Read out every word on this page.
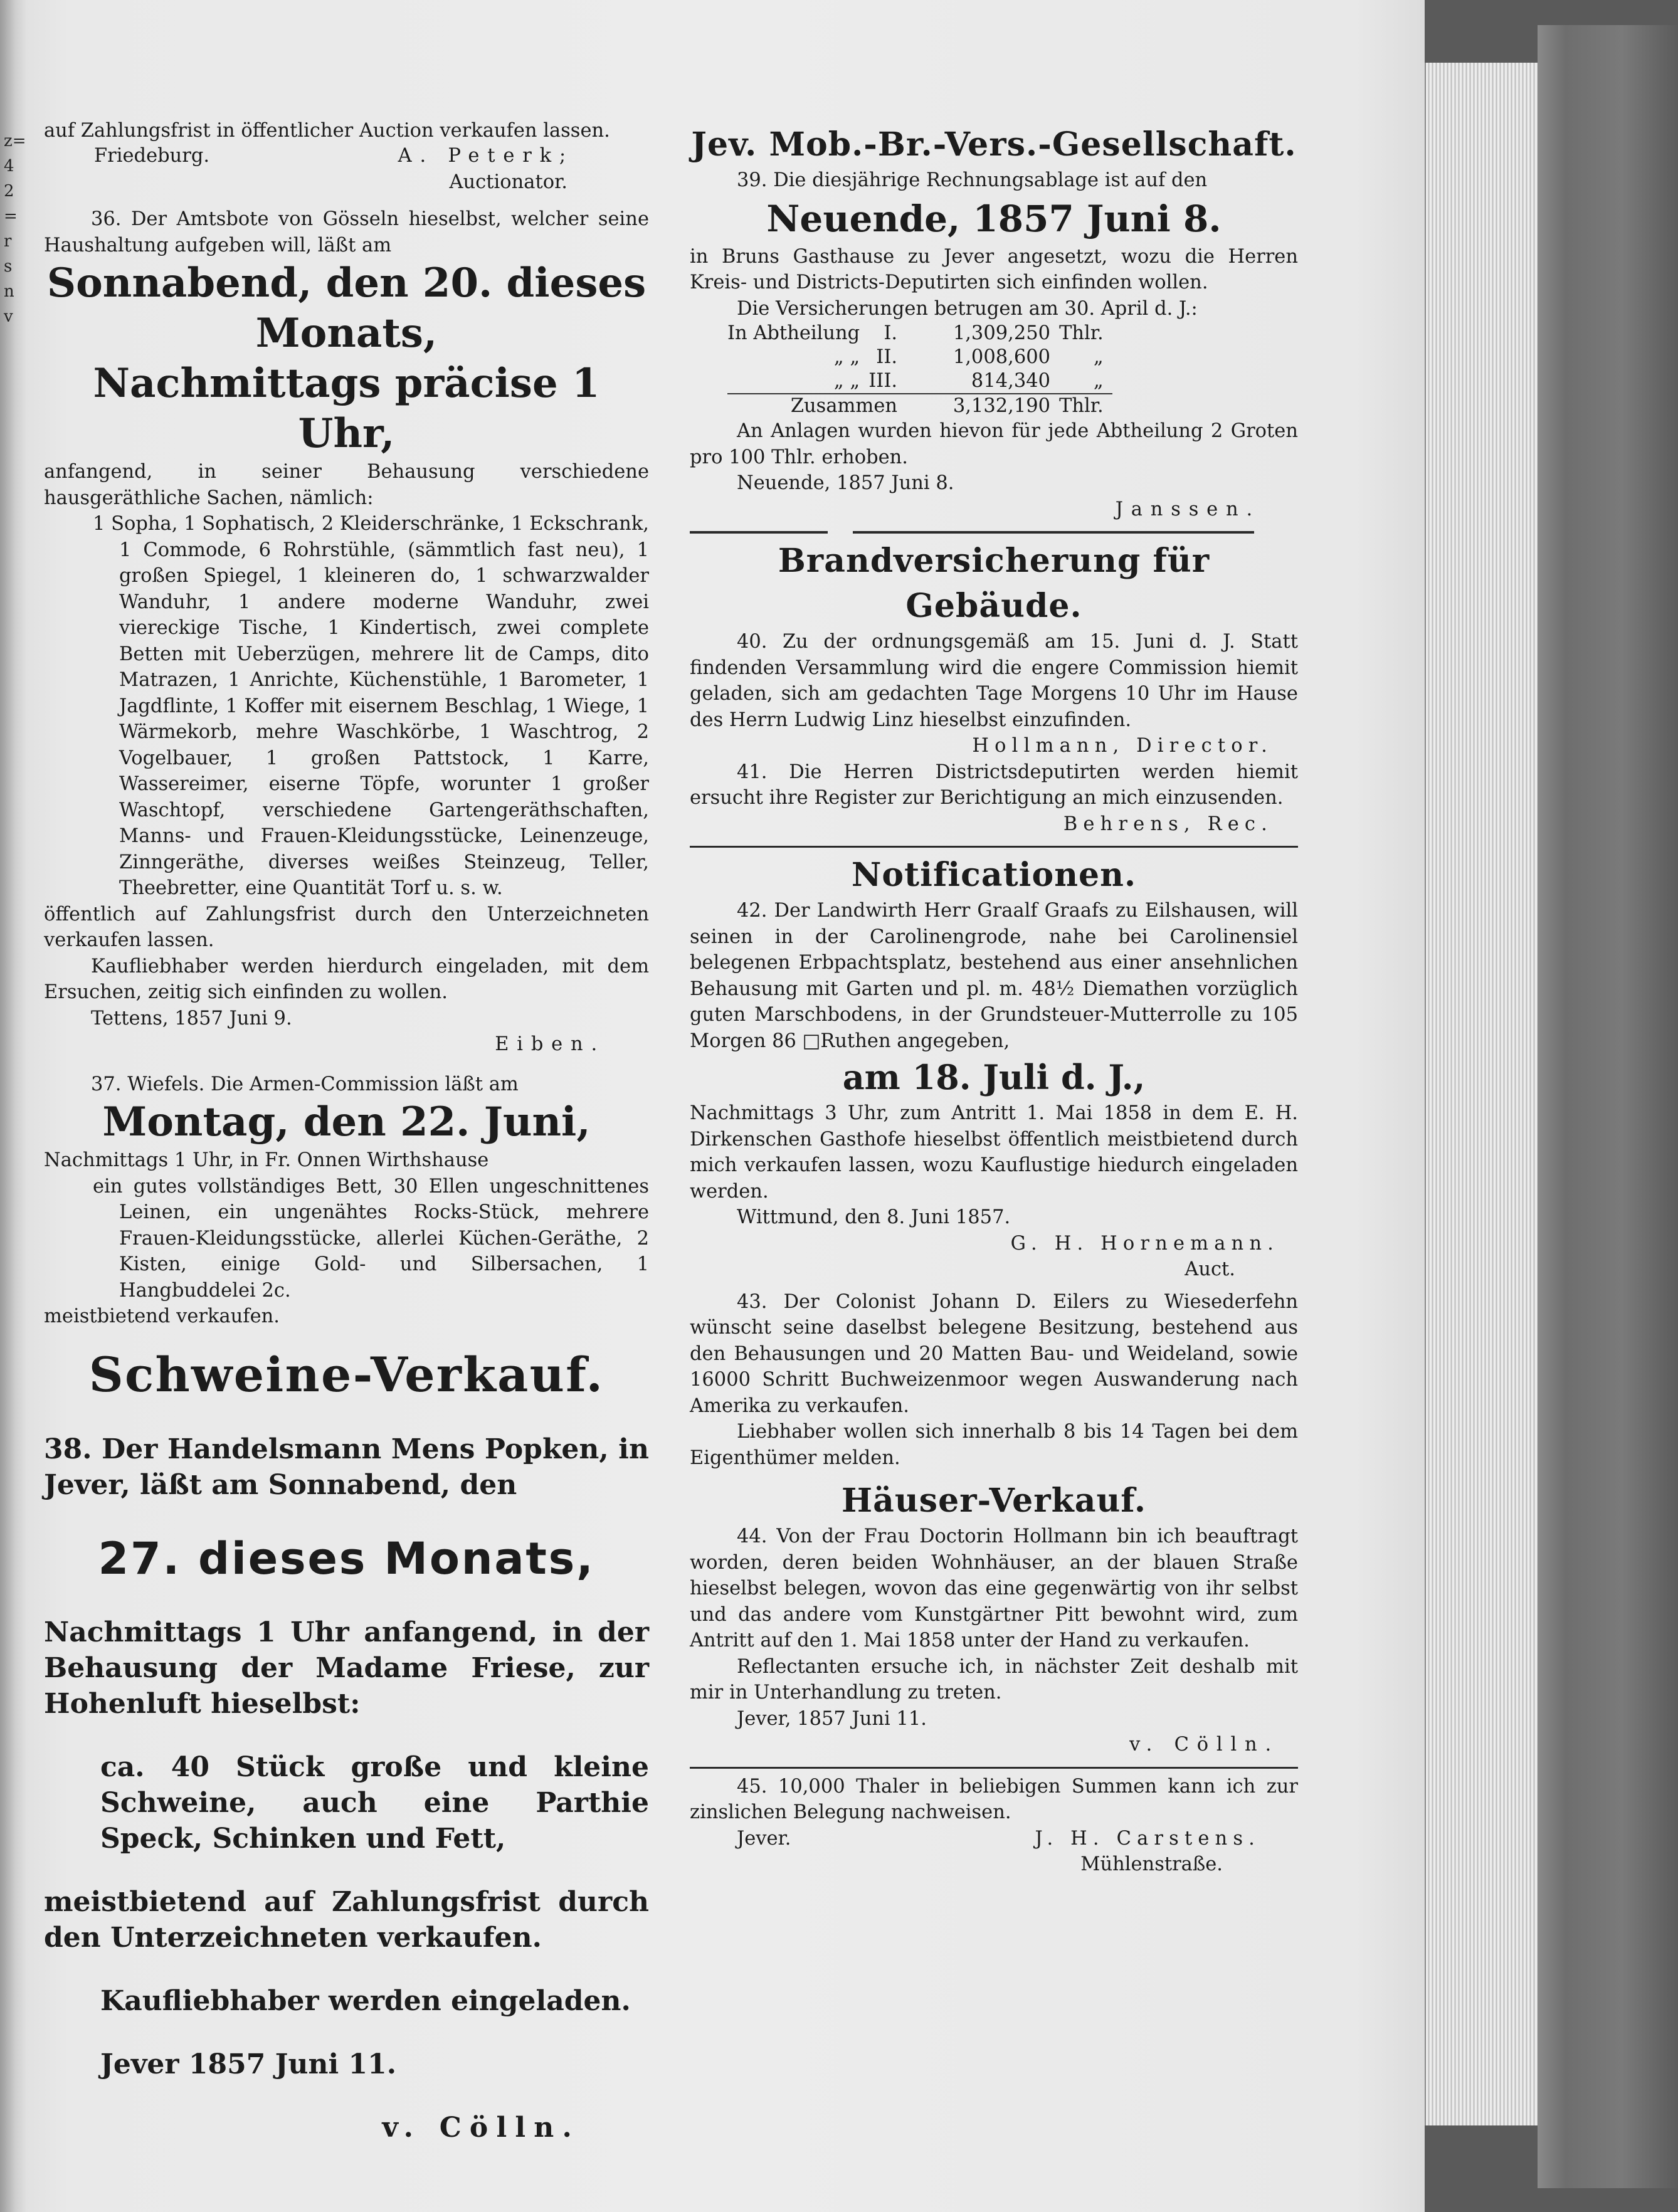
z=
4
2
=
r
s
n
v

auf Zahlungsfrist in öffentlicher Auction verkaufen lassen.

Friedeburg.	A. Peterk;
Auctionator.

36. Der Amtsbote von Gösseln hieselbst, welcher seine Haushaltung aufgeben will, läßt am

Sonnabend, den 20. dieses Monats,
Nachmittags präcise 1 Uhr,

anfangend, in seiner Behausung verschiedene hausgeräthliche Sachen, nämlich:

1 Sopha, 1 Sophatisch, 2 Kleiderschränke, 1 Eckschrank, 1 Commode, 6 Rohrstühle, (sämmtlich fast neu), 1 großen Spiegel, 1 kleineren do, 1 schwarzwalder Wanduhr, 1 andere moderne Wanduhr, zwei viereckige Tische, 1 Kindertisch, zwei complete Betten mit Ueberzügen, mehrere lit de Camps, dito Matrazen, 1 Anrichte, Küchenstühle, 1 Barometer, 1 Jagdflinte, 1 Koffer mit eisernem Beschlag, 1 Wiege, 1 Wärmekorb, mehre Waschkörbe, 1 Waschtrog, 2 Vogelbauer, 1 großen Pattstock, 1 Karre, Wassereimer, eiserne Töpfe, worunter 1 großer Waschtopf, verschiedene Gartengeräthschaften, Manns- und Frauen-Kleidungsstücke, Leinenzeuge, Zinngeräthe, diverses weißes Steinzeug, Teller, Theebretter, eine Quantität Torf u. s. w.

öffentlich auf Zahlungsfrist durch den Unterzeichneten verkaufen lassen.

Kaufliebhaber werden hierdurch eingeladen, mit dem Ersuchen, zeitig sich einfinden zu wollen.

Tettens, 1857 Juni 9.

Eiben.

37. Wiefels. Die Armen-Commission läßt am

Montag, den 22. Juni,

Nachmittags 1 Uhr, in Fr. Onnen Wirthshause

ein gutes vollständiges Bett, 30 Ellen ungeschnittenes Leinen, ein ungenähtes Rocks-Stück, mehrere Frauen-Kleidungsstücke, allerlei Küchen-Geräthe, 2 Kisten, einige Gold- und Silbersachen, 1 Hangbuddelei 2c.

meistbietend verkaufen.

Schweine-Verkauf.

38. Der Handelsmann Mens Popken, in Jever, läßt am Sonnabend, den

27. dieses Monats,

Nachmittags 1 Uhr anfangend, in der Behausung der Madame Friese, zur Hohenluft hieselbst:

ca. 40 Stück große und kleine Schweine, auch eine Parthie Speck, Schinken und Fett,

meistbietend auf Zahlungsfrist durch den Unterzeichneten verkaufen.

Kaufliebhaber werden eingeladen.

Jever 1857 Juni 11.

v. Cölln.
Jev. Mob.-Br.-Vers.-Gesellschaft.

39. Die diesjährige Rechnungsablage ist auf den

Neuende, 1857 Juni 8.

in Bruns Gasthause zu Jever angesetzt, wozu die Herren Kreis- und Districts-Deputirten sich einfinden wollen.

Die Versicherungen betrugen am 30. April d. J.:

In Abtheilung	I.	1,309,250	Thlr.
„ „	II.	1,008,600	„
„ „	III.	814,340	„
Zusammen		3,132,190	Thlr.

An Anlagen wurden hievon für jede Abtheilung 2 Groten pro 100 Thlr. erhoben.

Neuende, 1857 Juni 8.

Janssen.
Brandversicherung für Gebäude.

40. Zu der ordnungsgemäß am 15. Juni d. J. Statt findenden Versammlung wird die engere Commission hiemit geladen, sich am gedachten Tage Morgens 10 Uhr im Hause des Herrn Ludwig Linz hieselbst einzufinden.

Hollmann, Director.

41. Die Herren Districtsdeputirten werden hiemit ersucht ihre Register zur Berichtigung an mich einzusenden.

Behrens, Rec.
Notificationen.

42. Der Landwirth Herr Graalf Graafs zu Eilshausen, will seinen in der Carolinengrode, nahe bei Carolinensiel belegenen Erbpachtsplatz, bestehend aus einer ansehnlichen Behausung mit Garten und pl. m. 48½ Diemathen vorzüglich guten Marschbodens, in der Grundsteuer-Mutterrolle zu 105 Morgen 86 □Ruthen angegeben,

am 18. Juli d. J.,

Nachmittags 3 Uhr, zum Antritt 1. Mai 1858 in dem E. H. Dirkenschen Gasthofe hieselbst öffentlich meistbietend durch mich verkaufen lassen, wozu Kauflustige hiedurch eingeladen werden.

Wittmund, den 8. Juni 1857.

G. H. Hornemann.
Auct.

43. Der Colonist Johann D. Eilers zu Wiesederfehn wünscht seine daselbst belegene Besitzung, bestehend aus den Behausungen und 20 Matten Bau- und Weideland, sowie 16000 Schritt Buchweizenmoor wegen Auswanderung nach Amerika zu verkaufen.

Liebhaber wollen sich innerhalb 8 bis 14 Tagen bei dem Eigenthümer melden.

Häuser-Verkauf.

44. Von der Frau Doctorin Hollmann bin ich beauftragt worden, deren beiden Wohnhäuser, an der blauen Straße hieselbst belegen, wovon das eine gegenwärtig von ihr selbst und das andere vom Kunstgärtner Pitt bewohnt wird, zum Antritt auf den 1. Mai 1858 unter der Hand zu verkaufen.

Reflectanten ersuche ich, in nächster Zeit deshalb mit mir in Unterhandlung zu treten.

Jever, 1857 Juni 11.

v. Cölln.

45. 10,000 Thaler in beliebigen Summen kann ich zur zinslichen Belegung nachweisen.

Jever.	J. H. Carstens.
Mühlenstraße.
